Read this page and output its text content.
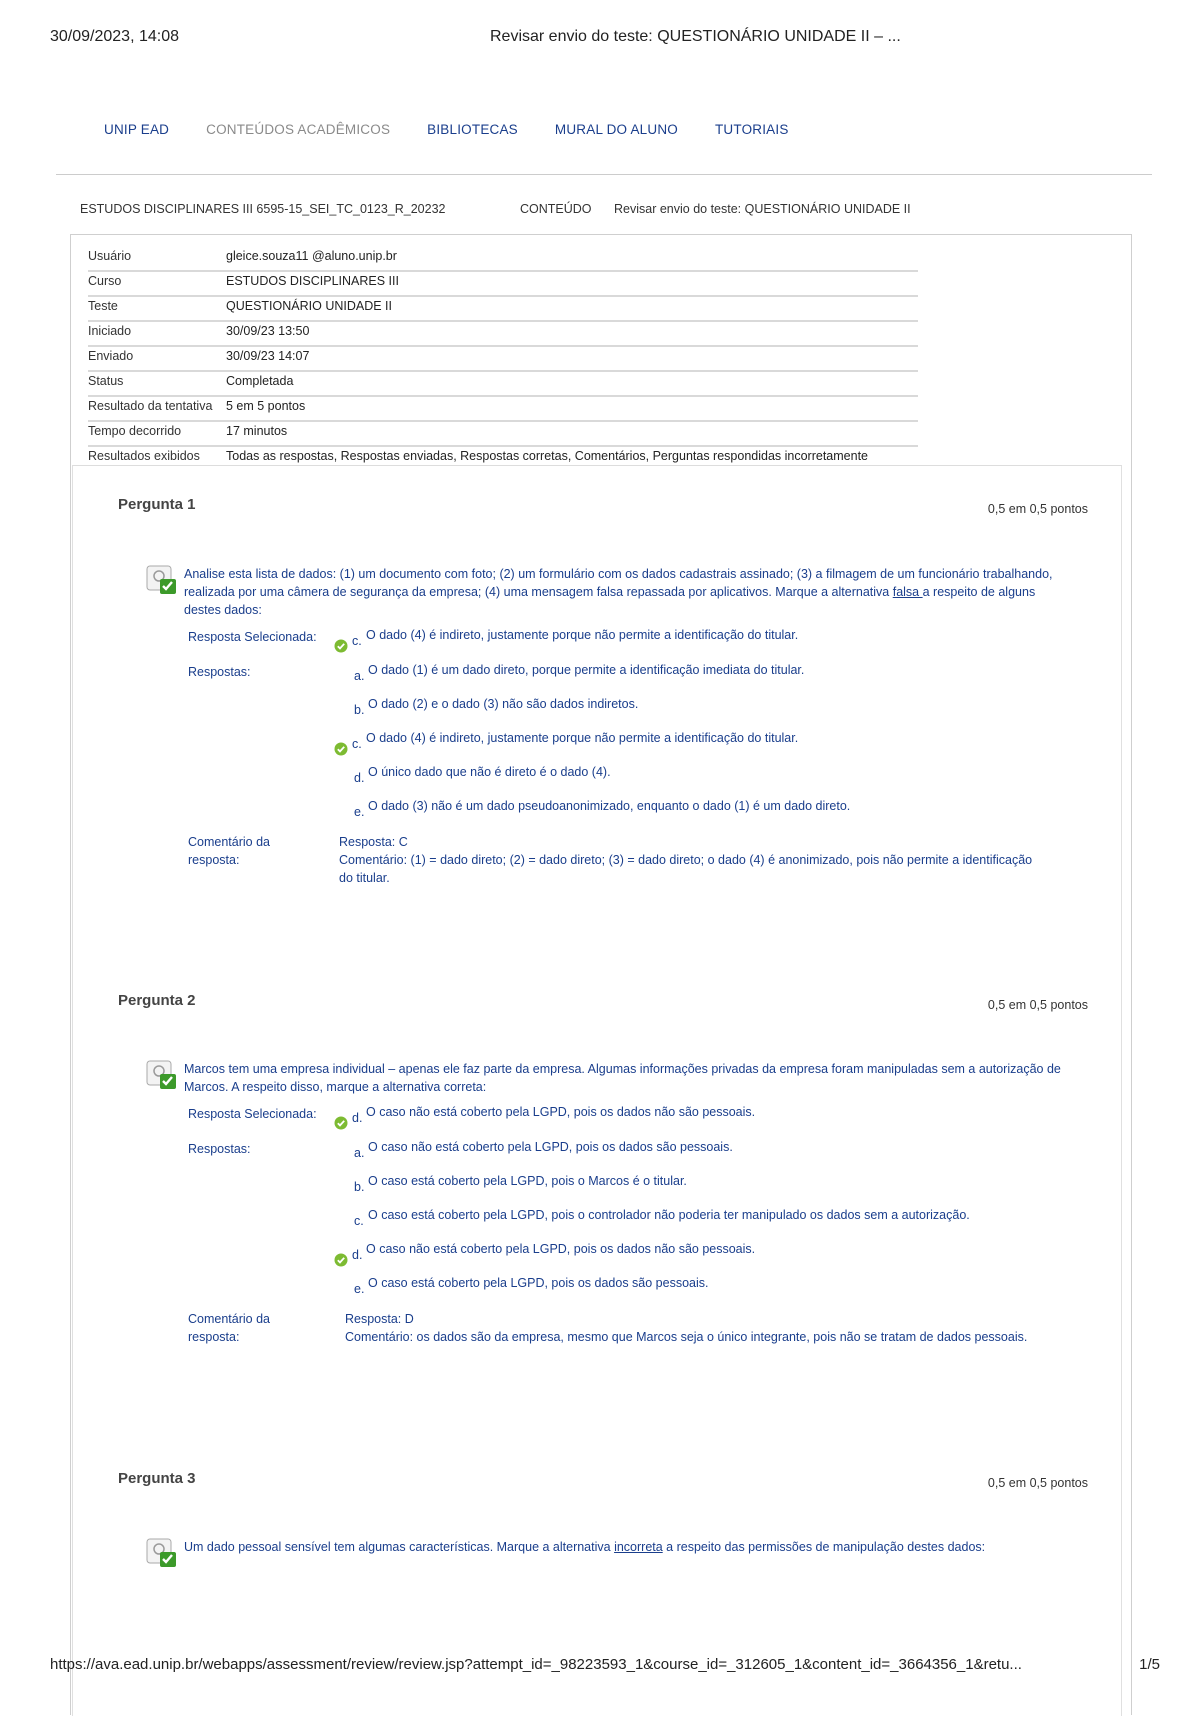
30/09/2023, 14:08	Revisar envio do teste: QUESTIONÁRIO UNIDADE II – ...
UNIP EAD	CONTEÚDOS ACADÊMICOS	BIBLIOTECAS	MURAL DO ALUNO	TUTORIAIS
ESTUDOS DISCIPLINARES III 6595-15_SEI_TC_0123_R_20232	CONTEÚDO Revisar envio do teste: QUESTIONÁRIO UNIDADE II
Usuário	gleice.souza11 @aluno.unip.br
Curso	ESTUDOS DISCIPLINARES III
Teste	QUESTIONÁRIO UNIDADE II
Iniciado	30/09/23 13:50
Enviado	30/09/23 14:07
Status	Completada
Resultado da tentativa 5 em 5 pontos
Tempo decorrido	17 minutos
Resultados exibidos Todas as respostas, Respostas enviadas, Respostas corretas, Comentários, Perguntas respondidas incorretamente
Pergunta 1	0,5 em 0,5 pontos
Analise esta lista de dados: (1) um documento com foto; (2) um formulário com os dados cadastrais assinado; (3) a filmagem de um funcionário trabalhando, realizada por uma câmera de segurança da empresa; (4) uma mensagem falsa repassada por aplicativos. Marque a alternativa falsa a respeito de alguns destes dados:
Resposta Selecionada:	c. O dado (4) é indireto, justamente porque não permite a identificação do titular.
Respostas:	a. O dado (1) é um dado direto, porque permite a identificação imediata do titular.
b. O dado (2) e o dado (3) não são dados indiretos.
c. O dado (4) é indireto, justamente porque não permite a identificação do titular.
d. O único dado que não é direto é o dado (4).
e. O dado (3) não é um dado pseudoanonimizado, enquanto o dado (1) é um dado direto.
Comentário da resposta:
Resposta: C
Comentário: (1) = dado direto; (2) = dado direto; (3) = dado direto; o dado (4) é anonimizado, pois não permite a identificação do titular.
Pergunta 2	0,5 em 0,5 pontos
Marcos tem uma empresa individual – apenas ele faz parte da empresa. Algumas informações privadas da empresa foram manipuladas sem a autorização de Marcos. A respeito disso, marque a alternativa correta:
Resposta Selecionada:	d. O caso não está coberto pela LGPD, pois os dados não são pessoais.
Respostas:	a. O caso não está coberto pela LGPD, pois os dados são pessoais.
b. O caso está coberto pela LGPD, pois o Marcos é o titular.
c. O caso está coberto pela LGPD, pois o controlador não poderia ter manipulado os dados sem a autorização.
d. O caso não está coberto pela LGPD, pois os dados não são pessoais.
e. O caso está coberto pela LGPD, pois os dados são pessoais.
Comentário da resposta:
Resposta: D
Comentário: os dados são da empresa, mesmo que Marcos seja o único integrante, pois não se tratam de dados pessoais.
Pergunta 3	0,5 em 0,5 pontos
Um dado pessoal sensível tem algumas características. Marque a alternativa incorreta a respeito das permissões de manipulação destes dados:
https://ava.ead.unip.br/webapps/assessment/review/review.jsp?attempt_id=_98223593_1&course_id=_312605_1&content_id=_3664356_1&retu...	1/5
